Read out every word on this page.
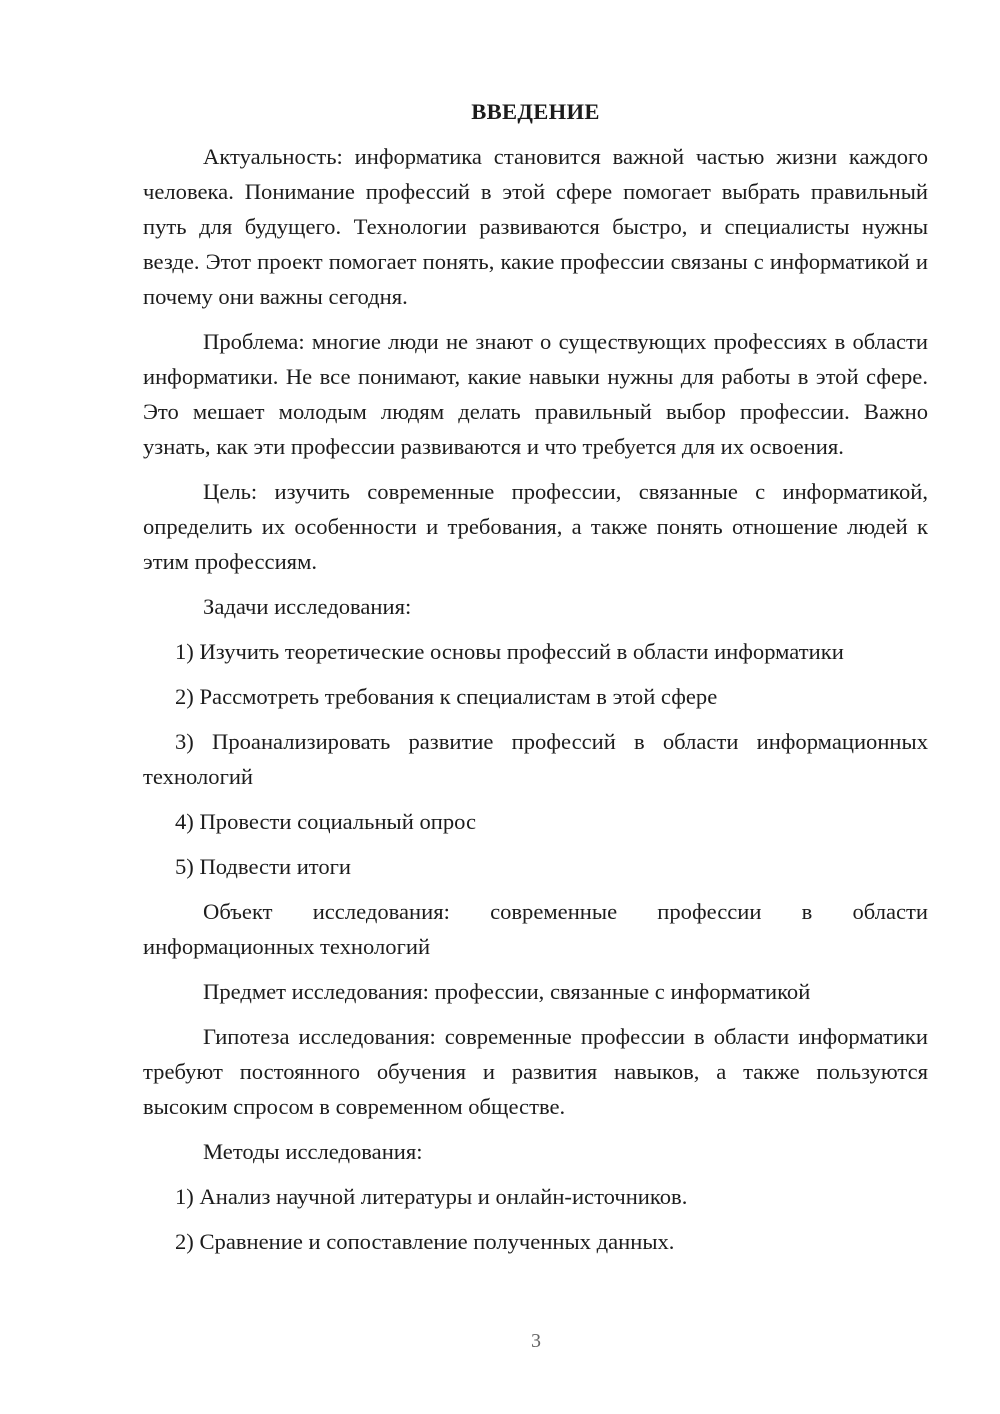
ВВЕДЕНИЕ

Актуальность: информатика становится важной частью жизни каждого человека. Понимание профессий в этой сфере помогает выбрать правильный путь для будущего. Технологии развиваются быстро, и специалисты нужны везде. Этот проект помогает понять, какие профессии связаны с информатикой и почему они важны сегодня.

Проблема: многие люди не знают о существующих профессиях в области информатики. Не все понимают, какие навыки нужны для работы в этой сфере. Это мешает молодым людям делать правильный выбор профессии. Важно узнать, как эти профессии развиваются и что требуется для их освоения.

Цель: изучить современные профессии, связанные с информатикой, определить их особенности и требования, а также понять отношение людей к этим профессиям.

Задачи исследования:

1) Изучить теоретические основы профессий в области информатики

2) Рассмотреть требования к специалистам в этой сфере

3) Проанализировать развитие профессий в области информационных технологий

4) Провести социальный опрос

5) Подвести итоги

Объект исследования: современные профессии в области информационных технологий

Предмет исследования: профессии, связанные с информатикой

Гипотеза исследования: современные профессии в области информатики требуют постоянного обучения и развития навыков, а также пользуются высоким спросом в современном обществе.

Методы исследования:

1) Анализ научной литературы и онлайн-источников.

2) Сравнение и сопоставление полученных данных.

3
